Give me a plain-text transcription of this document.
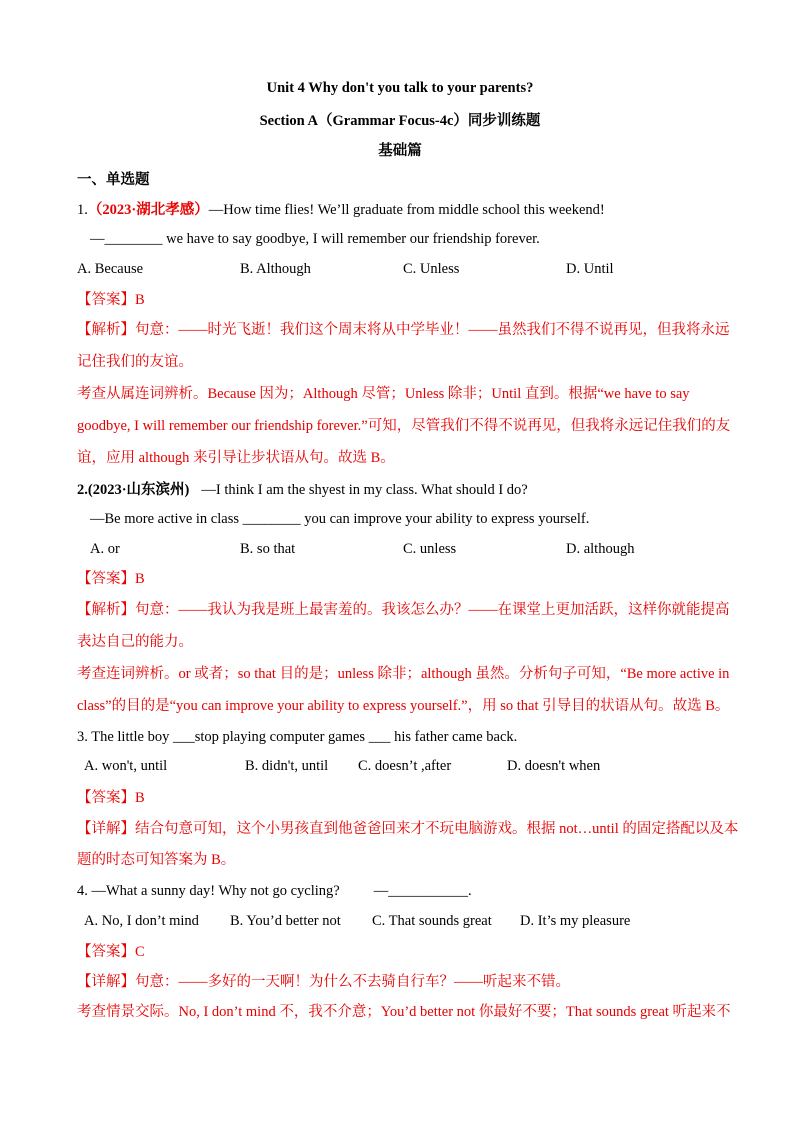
Unit 4 Why don't you talk to your parents?
Section A（Grammar Focus-4c）同步训练题
基础篇
一、单选题
1.（2023·湖北孝感）—How time flies! We’ll graduate from middle school this weekend!
—________ we have to say goodbye, I will remember our friendship forever.
A. Because	B. Although	C. Unless	D. Until
【答案】B
【解析】句意：——时光飞逝！我们这个周末将从中学毕业！——虽然我们不得不说再见，但我将永远
记住我们的友谊。
考查从属连词辨析。Because 因为；Although 尽管；Unless 除非；Until 直到。根据“we have to say
goodbye, I will remember our friendship forever.”可知，尽管我们不得不说再见，但我将永远记住我们的友
谊，应用 although 来引导让步状语从句。故选 B。
2.(2023·山东滨州) —I think I am the shyest in my class. What should I do?
—Be more active in class ________ you can improve your ability to express yourself.
A. or	B. so that	C. unless	D. although
【答案】B
【解析】句意：——我认为我是班上最害羞的。我该怎么办？——在课堂上更加活跃，这样你就能提高
表达自己的能力。
考查连词辨析。or 或者；so that 目的是；unless 除非；although 虽然。分析句子可知，“Be more active in
class”的目的是“you can improve your ability to express yourself.”，用 so that 引导目的状语从句。故选 B。
3. The little boy ___stop playing computer games ___ his father came back.
A. won't, until	B. didn't, until C. doesn’t ,after	D. doesn't when
【答案】B
【详解】结合句意可知，这个小男孩直到他爸爸回来才不玩电脑游戏。根据 not…until 的固定搭配以及本
题的时态可知答案为 B。
4. —What a sunny day! Why not go cycling? —___________.
A. No, I don’t mind B. You’d better not C. That sounds great D. It’s my pleasure
【答案】C
【详解】句意：——多好的一天啊！为什么不去骑自行车？——听起来不错。
考查情景交际。No, I don’t mind 不，我不介意；You’d better not 你最好不要；That sounds great 听起来不
